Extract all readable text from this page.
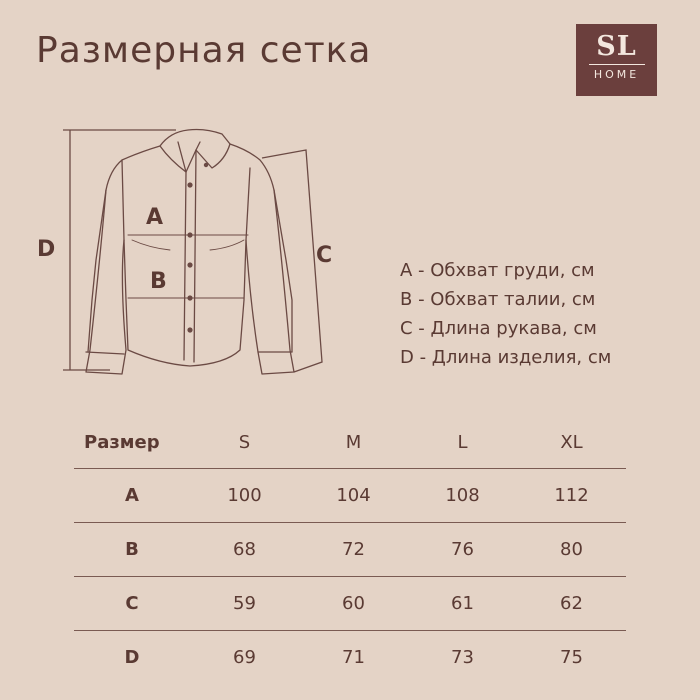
Размерная сетка	SL
HOME
A
B
C
D
A - Обхват груди, см
B - Обхват талии, см
C - Длина рукава, см
D - Длина изделия, см
Размер	S	M	L	XL
A	100	104	108	112
B	68	72	76	80
C	59	60	61	62
D	69	71	73	75
